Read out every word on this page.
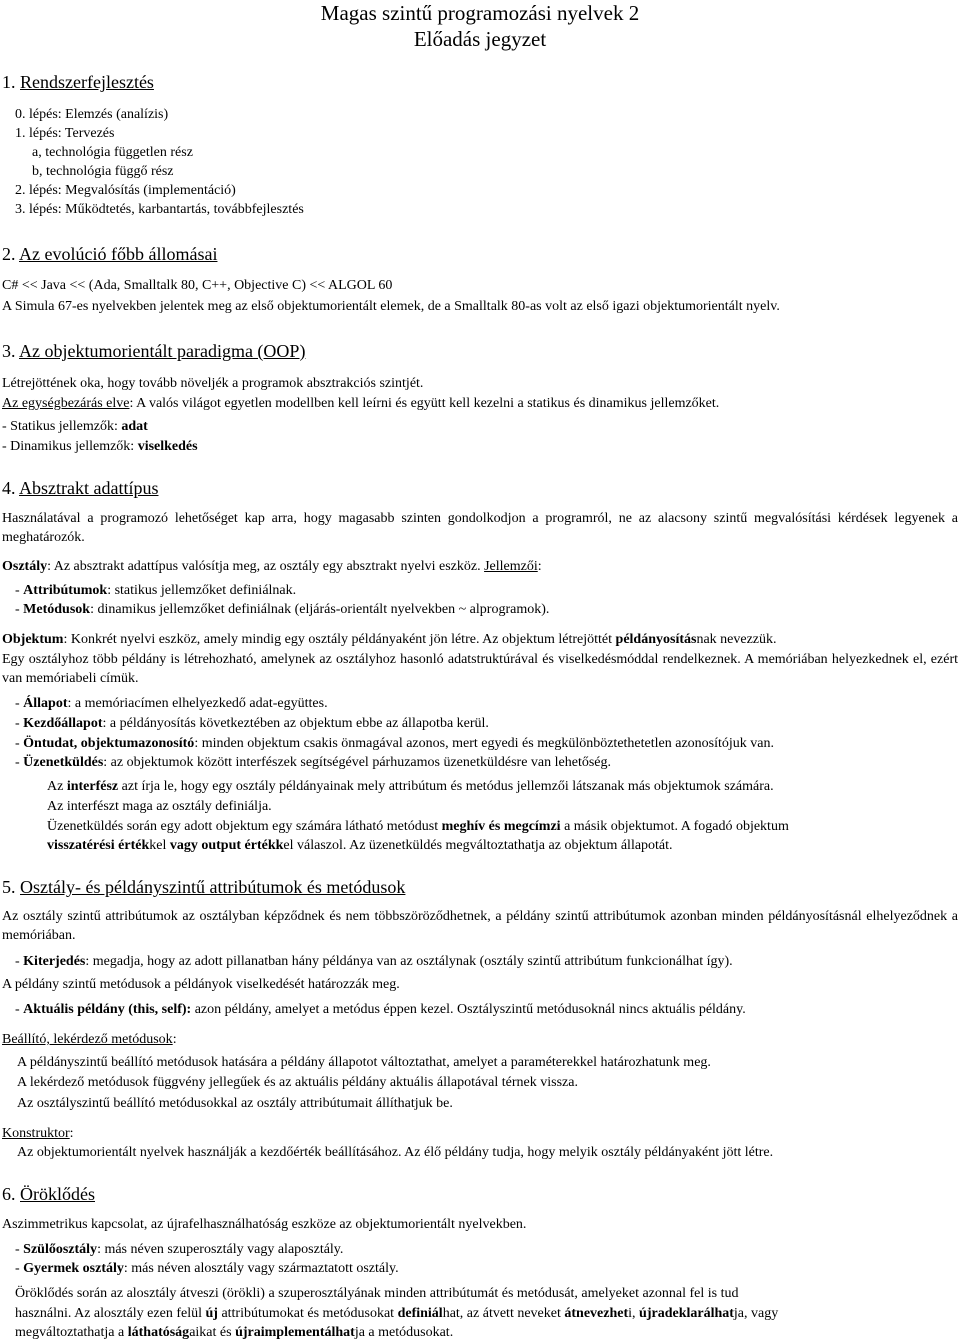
Magas szintű programozási nyelvek 2
Előadás jegyzet
1. Rendszerfejlesztés
0. lépés: Elemzés (analízis)
1. lépés: Tervezés
a, technológia független rész
b, technológia függő rész
2. lépés: Megvalósítás (implementáció)
3. lépés: Működtetés, karbantartás, továbbfejlesztés
2. Az evolúció főbb állomásai
C# << Java << (Ada, Smalltalk 80, C++, Objective C) << ALGOL 60
A Simula 67-es nyelvekben jelentek meg az első objektumorientált elemek, de a Smalltalk 80-as volt az első igazi objektumorientált nyelv.
3. Az objektumorientált paradigma (OOP)
Létrejöttének oka, hogy tovább növeljék a programok absztrakciós szintjét.
Az egységbezárás elve: A valós világot egyetlen modellben kell leírni és együtt kell kezelni a statikus és dinamikus jellemzőket.
- Statikus jellemzők: adat
- Dinamikus jellemzők: viselkedés
4. Absztrakt adattípus
Használatával a programozó lehetőséget kap arra, hogy magasabb szinten gondolkodjon a programról, ne az alacsony szintű megvalósítási kérdések legyenek a meghatározók.
Osztály: Az absztrakt adattípus valósítja meg, az osztály egy absztrakt nyelvi eszköz. Jellemzői:
- Attribútumok: statikus jellemzőket definiálnak.
- Metódusok: dinamikus jellemzőket definiálnak (eljárás-orientált nyelvekben ~ alprogramok).
Objektum: Konkrét nyelvi eszköz, amely mindig egy osztály példányaként jön létre. Az objektum létrejöttét példányosításnak nevezzük.
Egy osztályhoz több példány is létrehozható, amelynek az osztályhoz hasonló adatstruktúrával és viselkedésmóddal rendelkeznek. A memóriában helyezkednek el, ezért van memóriabeli címük.
- Állapot: a memóriacímen elhelyezkedő adat-együttes.
- Kezdőállapot: a példányosítás következtében az objektum ebbe az állapotba kerül.
- Öntudat, objektumazonosító: minden objektum csakis önmagával azonos, mert egyedi és megkülönböztethetetlen azonosítójuk van.
- Üzenetküldés: az objektumok között interfészek segítségével párhuzamos üzenetküldésre van lehetőség.
Az interfész azt írja le, hogy egy osztály példányainak mely attribútum és metódus jellemzői látszanak más objektumok számára.
Az interfészt maga az osztály definiálja.
Üzenetküldés során egy adott objektum egy számára látható metódust meghív és megcímzi a másik objektumot. A fogadó objektum
visszatérési értékkel vagy output értékkel válaszol. Az üzenetküldés megváltoztathatja az objektum állapotát.
5. Osztály- és példányszintű attribútumok és metódusok
Az osztály szintű attribútumok az osztályban képződnek és nem többszöröződhetnek, a példány szintű attribútumok azonban minden példányosításnál elhelyeződnek a memóriában.
- Kiterjedés: megadja, hogy az adott pillanatban hány példánya van az osztálynak (osztály szintű attribútum funkcionálhat így).
A példány szintű metódusok a példányok viselkedését határozzák meg.
- Aktuális példány (this, self): azon példány, amelyet a metódus éppen kezel. Osztályszintű metódusoknál nincs aktuális példány.
Beállító, lekérdező metódusok:
A példányszintű beállító metódusok hatására a példány állapotot változtathat, amelyet a paraméterekkel határozhatunk meg.
A lekérdező metódusok függvény jellegűek és az aktuális példány aktuális állapotával térnek vissza.
Az osztályszintű beállító metódusokkal az osztály attribútumait állíthatjuk be.
Konstruktor:
Az objektumorientált nyelvek használják a kezdőérték beállításához. Az élő példány tudja, hogy melyik osztály példányaként jött létre.
6. Öröklődés
Aszimmetrikus kapcsolat, az újrafelhasználhatóság eszköze az objektumorientált nyelvekben.
- Szülőosztály: más néven szuperosztály vagy alaposztály.
- Gyermek osztály: más néven alosztály vagy származtatott osztály.
Öröklődés során az alosztály átveszi (örökli) a szuperosztályának minden attribútumát és metódusát, amelyeket azonnal fel is tud
használni. Az alosztály ezen felül új attribútumokat és metódusokat definiálhat, az átvett neveket átnevezheti, újradeklarálhatja, vagy
megváltoztathatja a láthatóságaikat és újraimplementálhatja a metódusokat.
